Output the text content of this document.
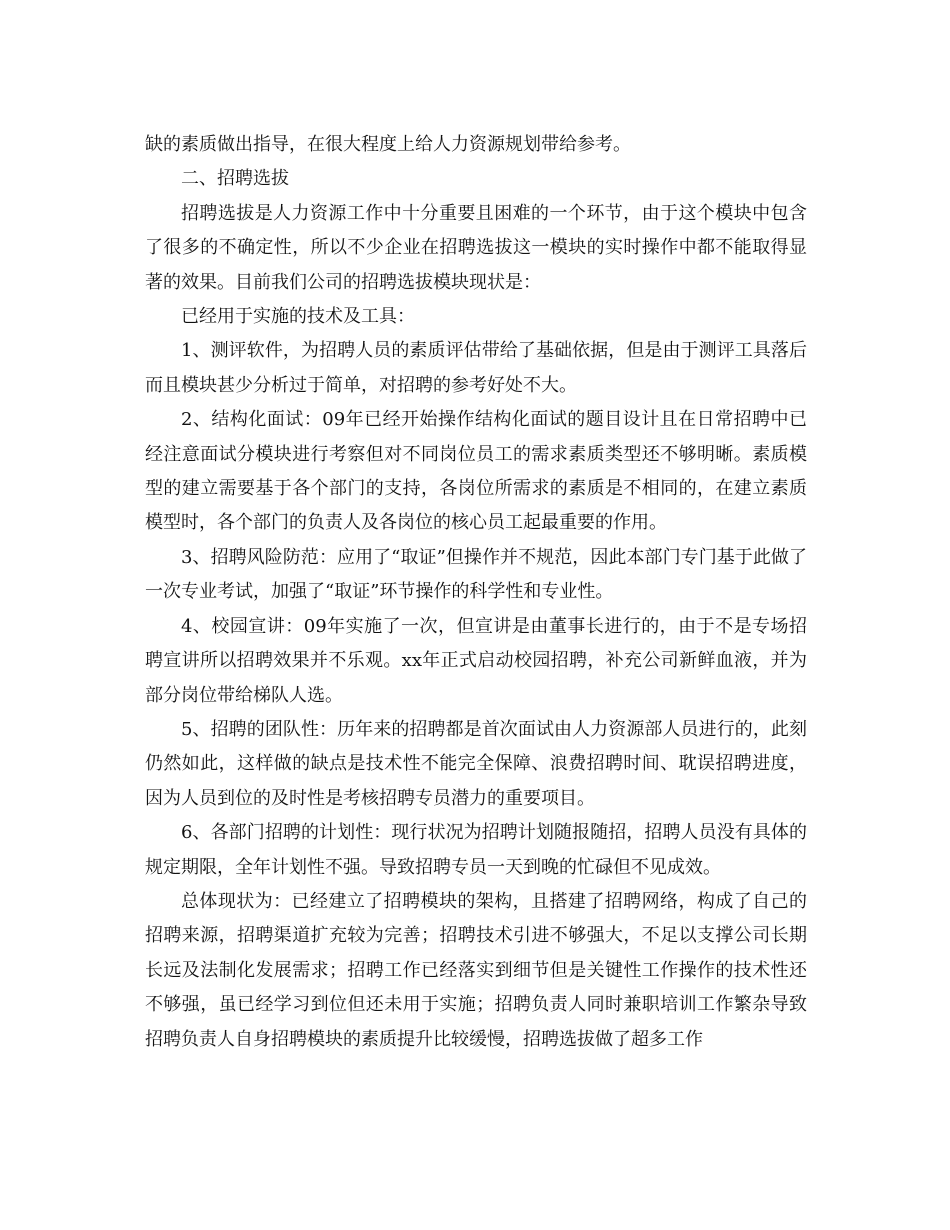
缺的素质做出指导，在很大程度上给人力资源规划带给参考。

二、招聘选拔

招聘选拔是人力资源工作中十分重要且困难的一个环节，由于这个模块中包含了很多的不确定性，所以不少企业在招聘选拔这一模块的实时操作中都不能取得显著的效果。目前我们公司的招聘选拔模块现状是：

已经用于实施的技术及工具：

1、测评软件，为招聘人员的素质评估带给了基础依据，但是由于测评工具落后而且模块甚少分析过于简单，对招聘的参考好处不大。

2、结构化面试：09年已经开始操作结构化面试的题目设计且在日常招聘中已经注意面试分模块进行考察但对不同岗位员工的需求素质类型还不够明晰。素质模型的建立需要基于各个部门的支持，各岗位所需求的素质是不相同的，在建立素质模型时，各个部门的负责人及各岗位的核心员工起最重要的作用。

3、招聘风险防范：应用了“取证”但操作并不规范，因此本部门专门基于此做了一次专业考试，加强了“取证”环节操作的科学性和专业性。

4、校园宣讲：09年实施了一次，但宣讲是由董事长进行的，由于不是专场招聘宣讲所以招聘效果并不乐观。xx年正式启动校园招聘，补充公司新鲜血液，并为部分岗位带给梯队人选。

5、招聘的团队性：历年来的招聘都是首次面试由人力资源部人员进行的，此刻仍然如此，这样做的缺点是技术性不能完全保障、浪费招聘时间、耽误招聘进度，因为人员到位的及时性是考核招聘专员潜力的重要项目。

6、各部门招聘的计划性：现行状况为招聘计划随报随招，招聘人员没有具体的规定期限，全年计划性不强。导致招聘专员一天到晚的忙碌但不见成效。

总体现状为：已经建立了招聘模块的架构，且搭建了招聘网络，构成了自己的招聘来源，招聘渠道扩充较为完善；招聘技术引进不够强大，不足以支撑公司长期长远及法制化发展需求；招聘工作已经落实到细节但是关键性工作操作的技术性还不够强，虽已经学习到位但还未用于实施；招聘负责人同时兼职培训工作繁杂导致招聘负责人自身招聘模块的素质提升比较缓慢，招聘选拔做了超多工作
